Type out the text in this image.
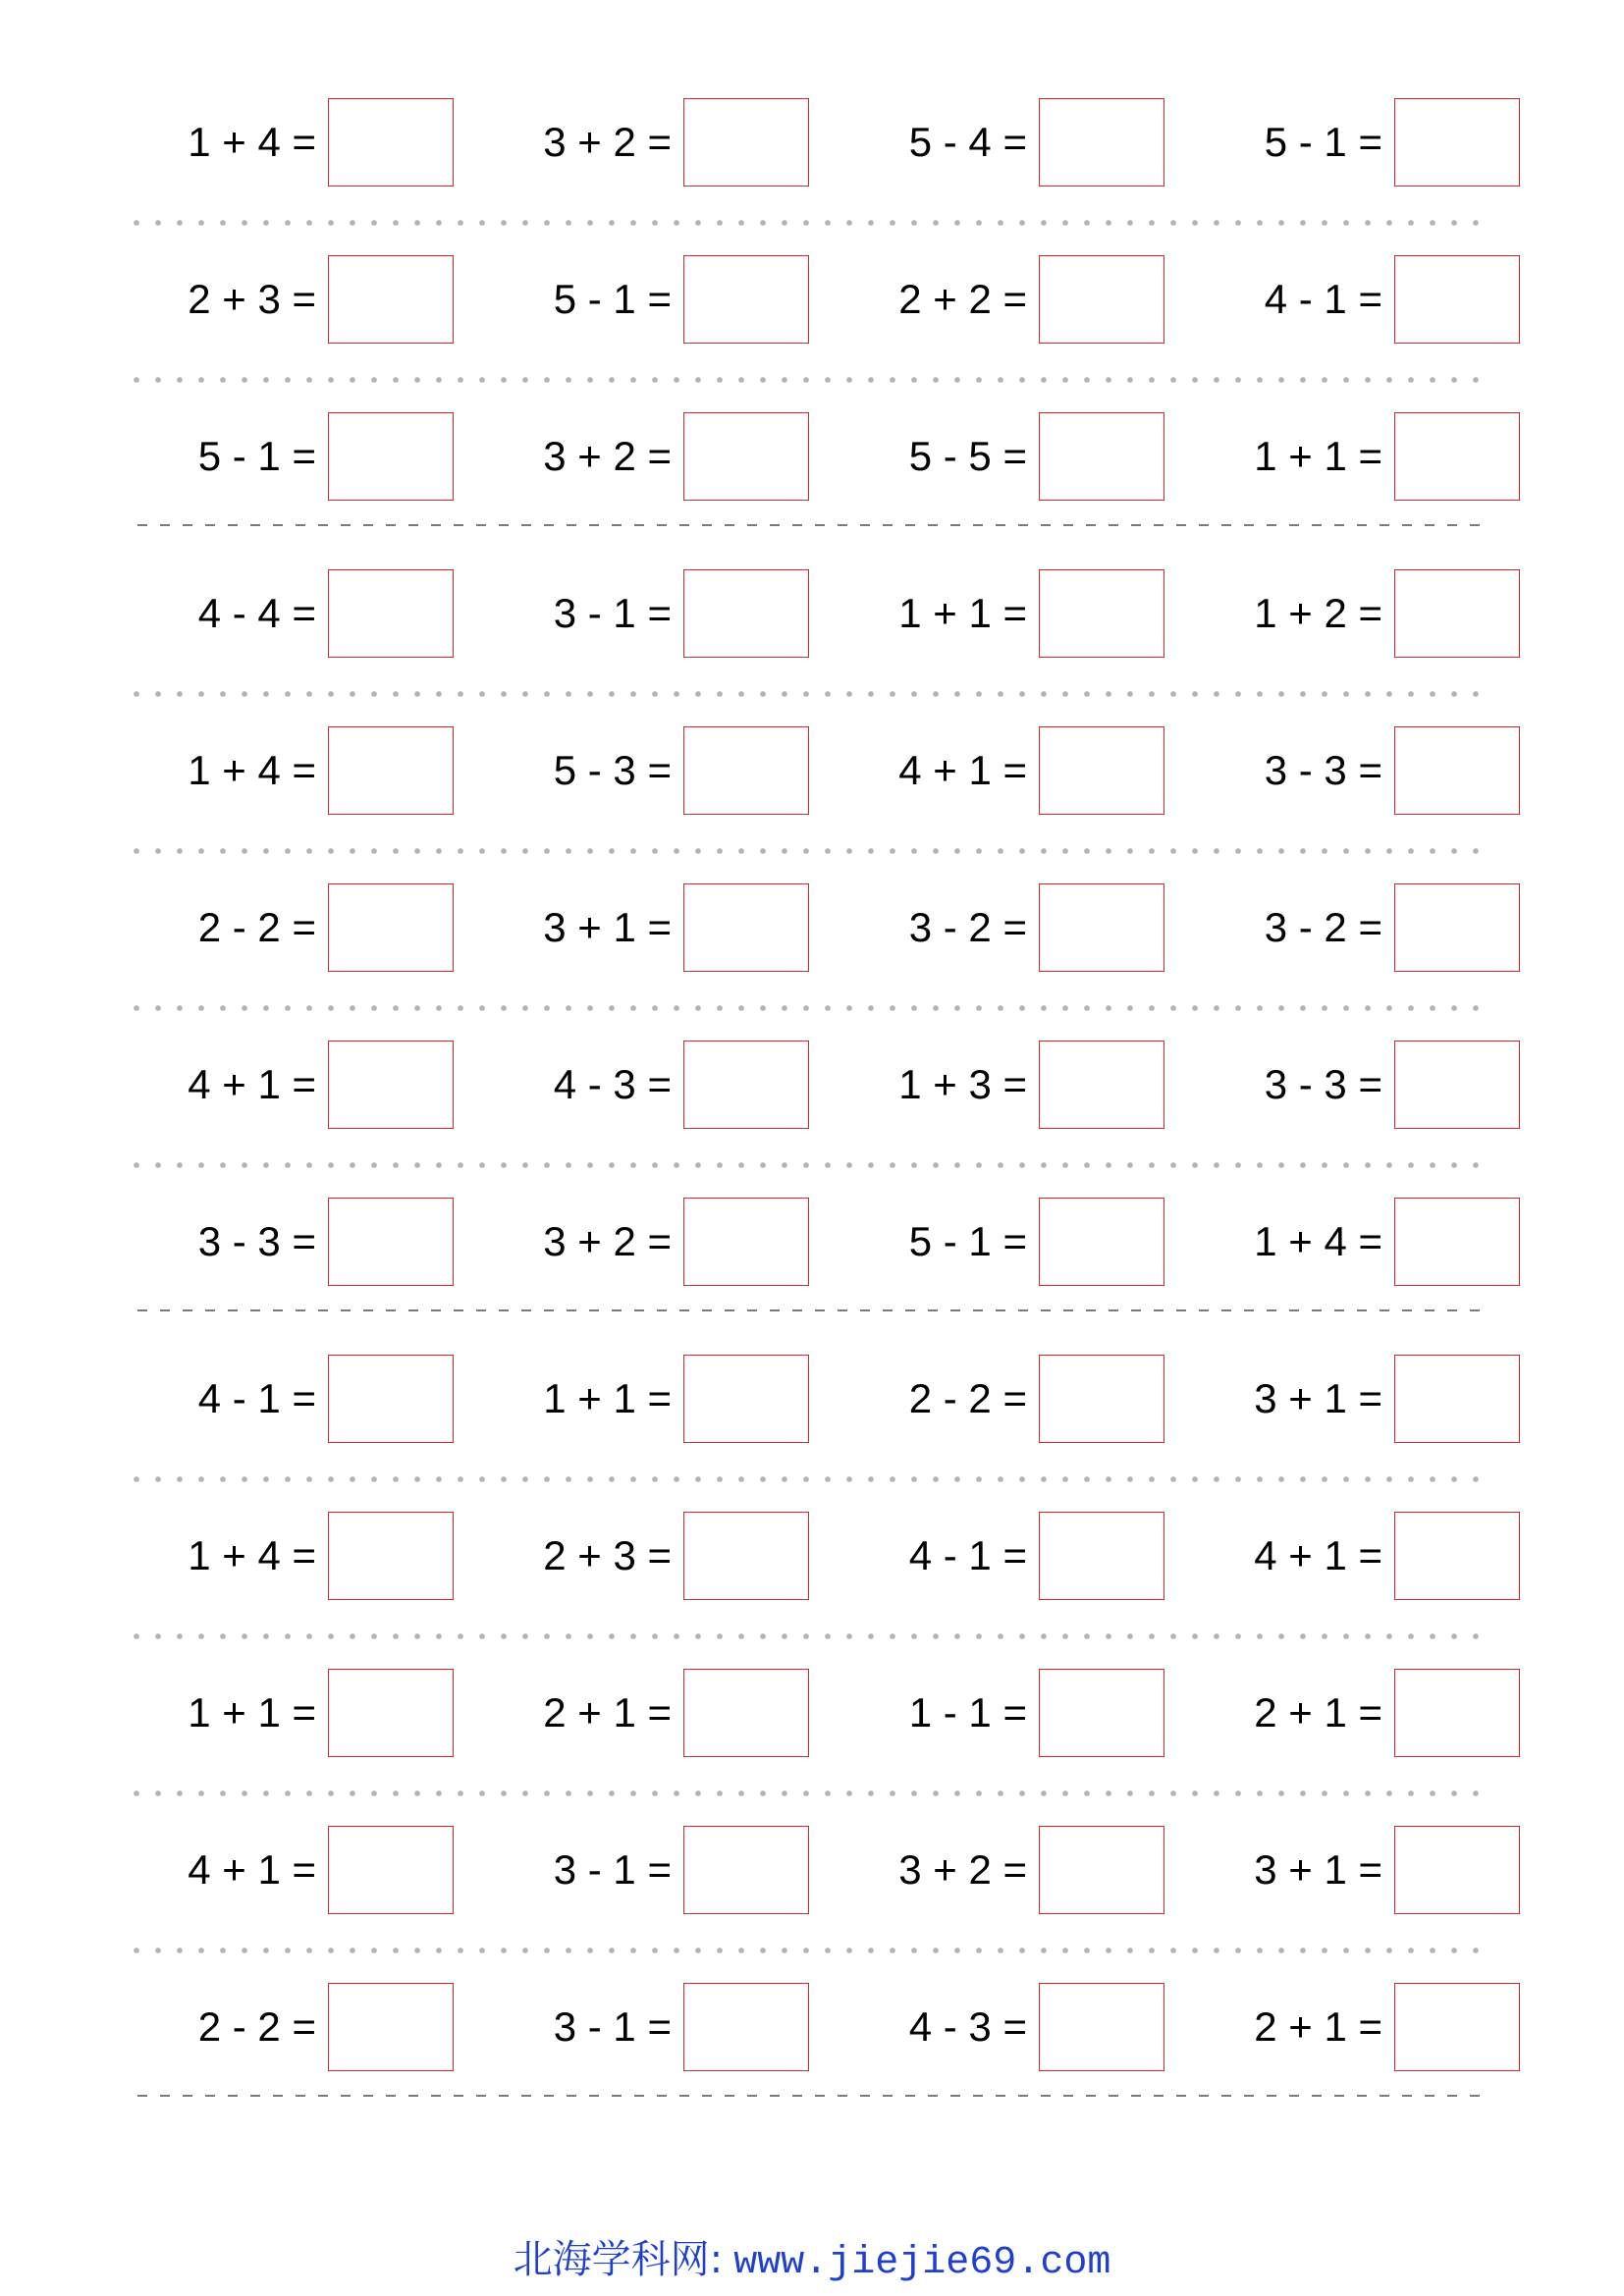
1 + 4 =	3 + 2 =	5 - 4 =	5 - 1 =
2 + 3 =	5 - 1 =	2 + 2 =	4 - 1 =
5 - 1 =	3 + 2 =	5 - 5 =	1 + 1 =
4 - 4 =	3 - 1 =	1 + 1 =	1 + 2 =
1 + 4 =	5 - 3 =	4 + 1 =	3 - 3 =
2 - 2 =	3 + 1 =	3 - 2 =	3 - 2 =
4 + 1 =	4 - 3 =	1 + 3 =	3 - 3 =
3 - 3 =	3 + 2 =	5 - 1 =	1 + 4 =
4 - 1 =	1 + 1 =	2 - 2 =	3 + 1 =
1 + 4 =	2 + 3 =	4 - 1 =	4 + 1 =
1 + 1 =	2 + 1 =	1 - 1 =	2 + 1 =
4 + 1 =	3 - 1 =	3 + 2 =	3 + 1 =
2 - 2 =	3 - 1 =	4 - 3 =	2 + 1 =
北海学科网: www.jiejie69.com
